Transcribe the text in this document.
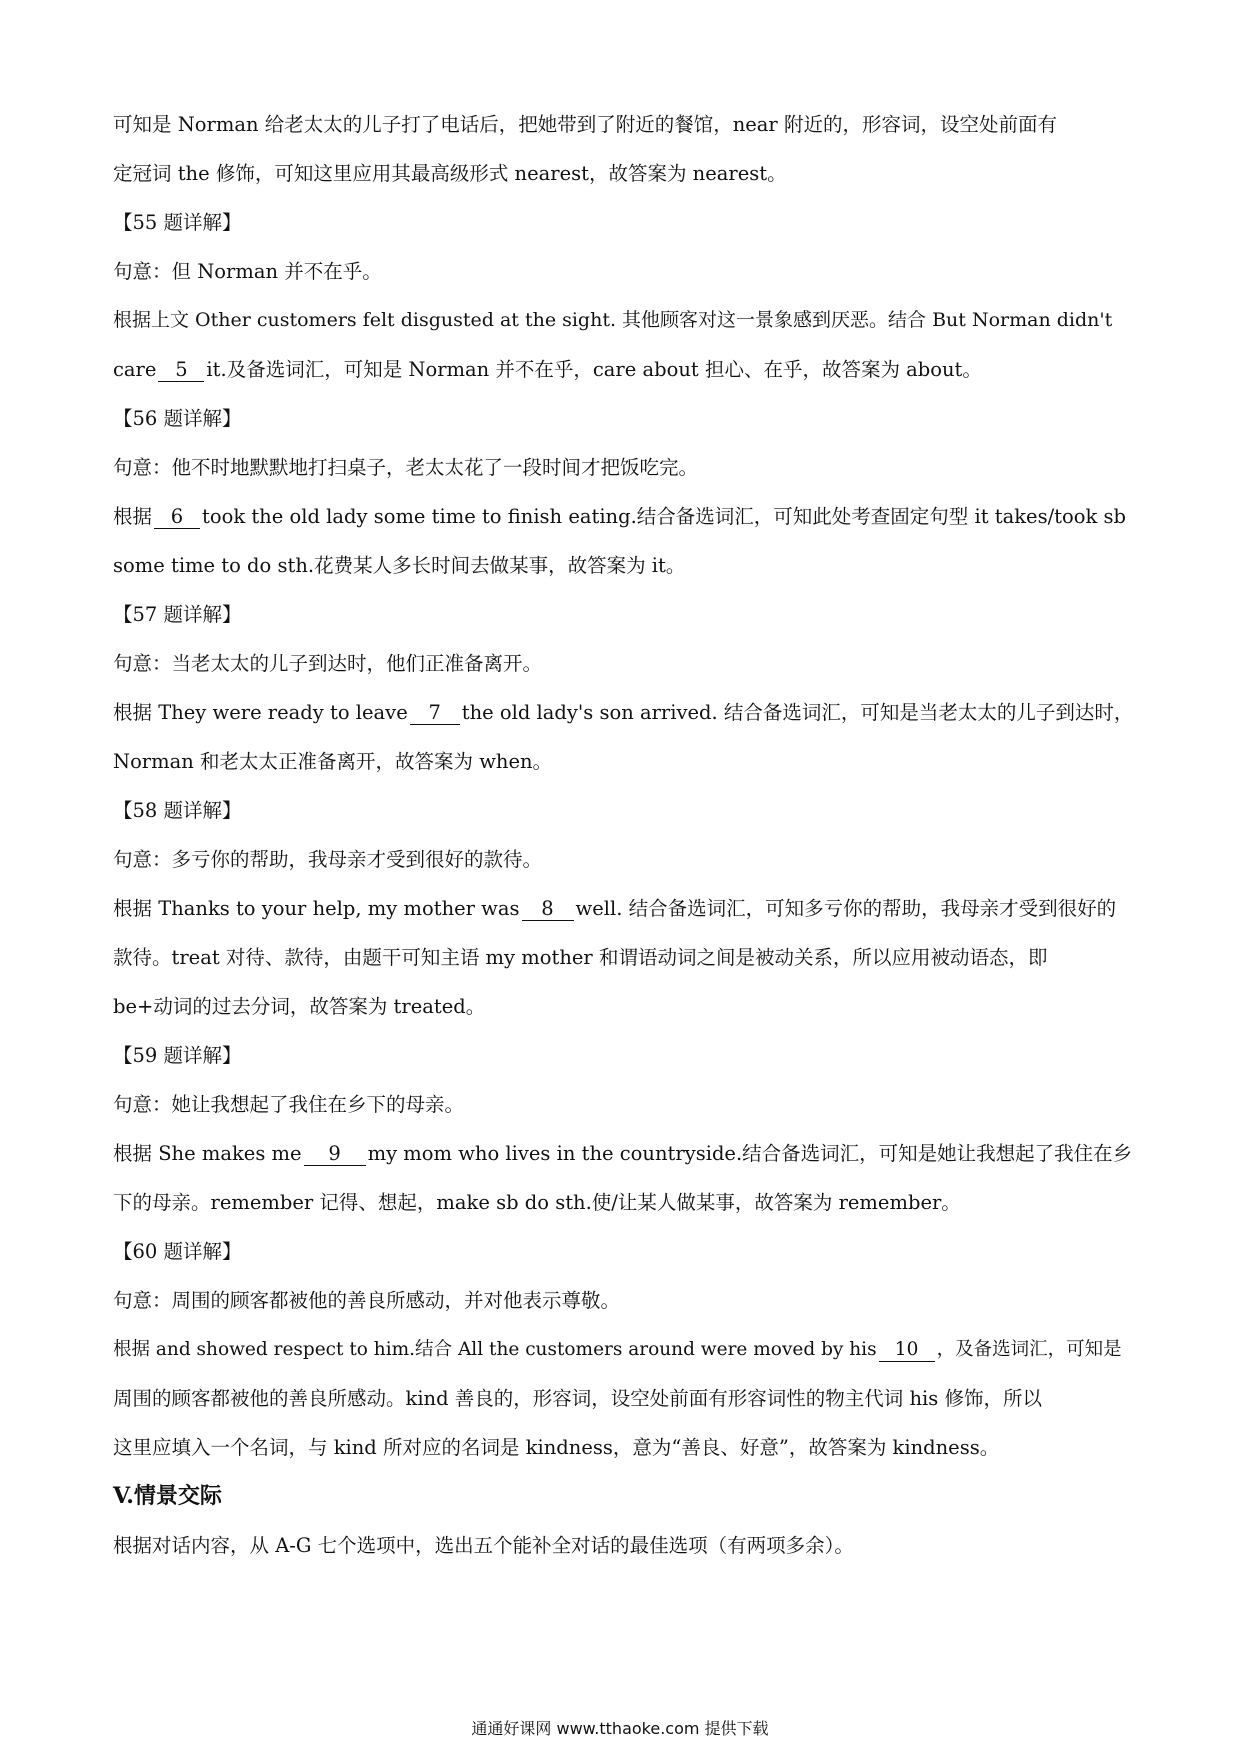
可知是 Norman 给老太太的儿子打了电话后，把她带到了附近的餐馆，near 附近的，形容词，设空处前面有
定冠词 the 修饰，可知这里应用其最高级形式 nearest，故答案为 nearest。
【55 题详解】
句意：但 Norman 并不在乎。
根据上文 Other customers felt disgusted at the sight. 其他顾客对这一景象感到厌恶。结合 But Norman didn't
care 5 it.及备选词汇，可知是 Norman 并不在乎，care about 担心、在乎，故答案为 about。
【56 题详解】
句意：他不时地默默地打扫桌子，老太太花了一段时间才把饭吃完。
根据 6 took the old lady some time to finish eating.结合备选词汇，可知此处考查固定句型 it takes/took sb
some time to do sth.花费某人多长时间去做某事，故答案为 it。
【57 题详解】
句意：当老太太的儿子到达时，他们正准备离开。
根据 They were ready to leave 7 the old lady's son arrived. 结合备选词汇，可知是当老太太的儿子到达时，
Norman 和老太太正准备离开，故答案为 when。
【58 题详解】
句意：多亏你的帮助，我母亲才受到很好的款待。
根据 Thanks to your help, my mother was 8 well. 结合备选词汇，可知多亏你的帮助，我母亲才受到很好的
款待。treat 对待、款待，由题干可知主语 my mother 和谓语动词之间是被动关系，所以应用被动语态，即
be+动词的过去分词，故答案为 treated。
【59 题详解】
句意：她让我想起了我住在乡下的母亲。
根据 She makes me 9 my mom who lives in the countryside.结合备选词汇，可知是她让我想起了我住在乡
下的母亲。remember 记得、想起，make sb do sth.使/让某人做某事，故答案为 remember。
【60 题详解】
句意：周围的顾客都被他的善良所感动，并对他表示尊敬。
根据 and showed respect to him.结合 All the customers around were moved by his 10 ，及备选词汇，可知是
周围的顾客都被他的善良所感动。kind 善良的，形容词，设空处前面有形容词性的物主代词 his 修饰，所以
这里应填入一个名词，与 kind 所对应的名词是 kindness，意为“善良、好意”，故答案为 kindness。
V.情景交际
根据对话内容，从 A-G 七个选项中，选出五个能补全对话的最佳选项（有两项多余）。
通通好课网 www.tthaoke.com 提供下载
